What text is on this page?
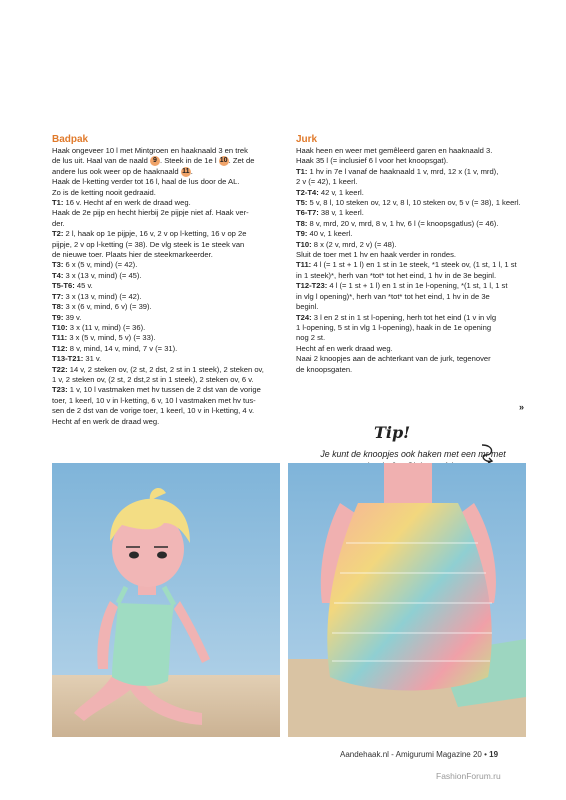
Badpak
Haak ongeveer 10 l met Mintgroen en haaknaald 3 en trek
de lus uit. Haal van de naald 9 . Steek in de 1e l 10. Zet de
andere lus ook weer op de haaknaald 11.
Haak de l-ketting verder tot 16 l, haal de lus door de AL.
Zo is de ketting nooit gedraaid.
T1: 16 v. Hecht af en werk de draad weg.
Haak de 2e pijp en hecht hierbij 2e pijpje niet af. Haak ver-
der.
T2: 2 l, haak op 1e pijpje, 16 v, 2 v op l-ketting, 16 v op 2e
pijpje, 2 v op l-ketting (= 38). De vlg steek is 1e steek van
de nieuwe toer. Plaats hier de steekmarkeerder.
T3: 6 x (5 v, mind) (= 42).
T4: 3 x (13 v, mind) (= 45).
T5-T6: 45 v.
T7: 3 x (13 v, mind) (= 42).
T8: 3 x (6 v, mind, 6 v) (= 39).
T9: 39 v.
T10: 3 x (11 v, mind) (= 36).
T11: 3 x (5 v, mind, 5 v) (= 33).
T12: 8 v, mind, 14 v, mind, 7 v (= 31).
T13-T21: 31 v.
T22: 14 v, 2 steken ov, (2 st, 2 dst, 2 st in 1 steek), 2 steken ov,
1 v, 2 steken ov, (2 st, 2 dst,2 st in 1 steek), 2 steken ov, 6 v.
T23: 1 v, 10 l vastmaken met hv tussen de 2 dst van de vorige
toer, 1 keerl, 10 v in l-ketting, 6 v, 10 l vastmaken met hv tus-
sen de 2 dst van de vorige toer, 1 keerl, 10 v in l-ketting, 4 v.
Hecht af en werk de draad weg.
Jurk
Haak heen en weer met gemêleerd garen en haaknaald 3.
Haak 35 l (= inclusief 6 l voor het knoopsgat).
T1: 1 hv in 7e l vanaf de haaknaald 1 v, mrd, 12 x (1 v, mrd),
2 v (= 42), 1 keerl.
T2-T4: 42 v, 1 keerl.
T5: 5 v, 8 l, 10 steken ov, 12 v, 8 l, 10 steken ov, 5 v (= 38), 1 keerl.
T6-T7: 38 v, 1 keerl.
T8: 8 v, mrd, 20 v, mrd, 8 v, 1 hv, 6 l (= knoopsgatlus) (= 46).
T9: 40 v, 1 keerl.
T10: 8 x (2 v, mrd, 2 v) (= 48).
Sluit de toer met 1 hv en haak verder in rondes.
T11: 4 l (= 1 st + 1 l) en 1 st in 1e steek, *1 steek ov, (1 st, 1 l, 1 st
in 1 steek)*, herh van *tot* tot het eind, 1 hv in de 3e beginl.
T12-T23: 4 l (= 1 st + 1 l) en 1 st in 1e l-opening, *(1 st, 1 l, 1 st
in vlg l opening)*, herh van *tot* tot het eind, 1 hv in de 3e
beginl.
T24: 3 l en 2 st in 1 st l-opening, herh tot het eind (1 v in vlg
1 l-opening, 5 st in vlg 1 l-opening), haak in de 1e opening
nog 2 st.
Hecht af en werk draad weg.
Naai 2 knoopjes aan de achterkant van de jurk, tegenover
de knoopsgaten.
»
Tip!
Je kunt de knoopjes ook haken met een mr met
Aandehaak.nl - Amigurumi Magazine 20 • 19
FashionForum.ru
